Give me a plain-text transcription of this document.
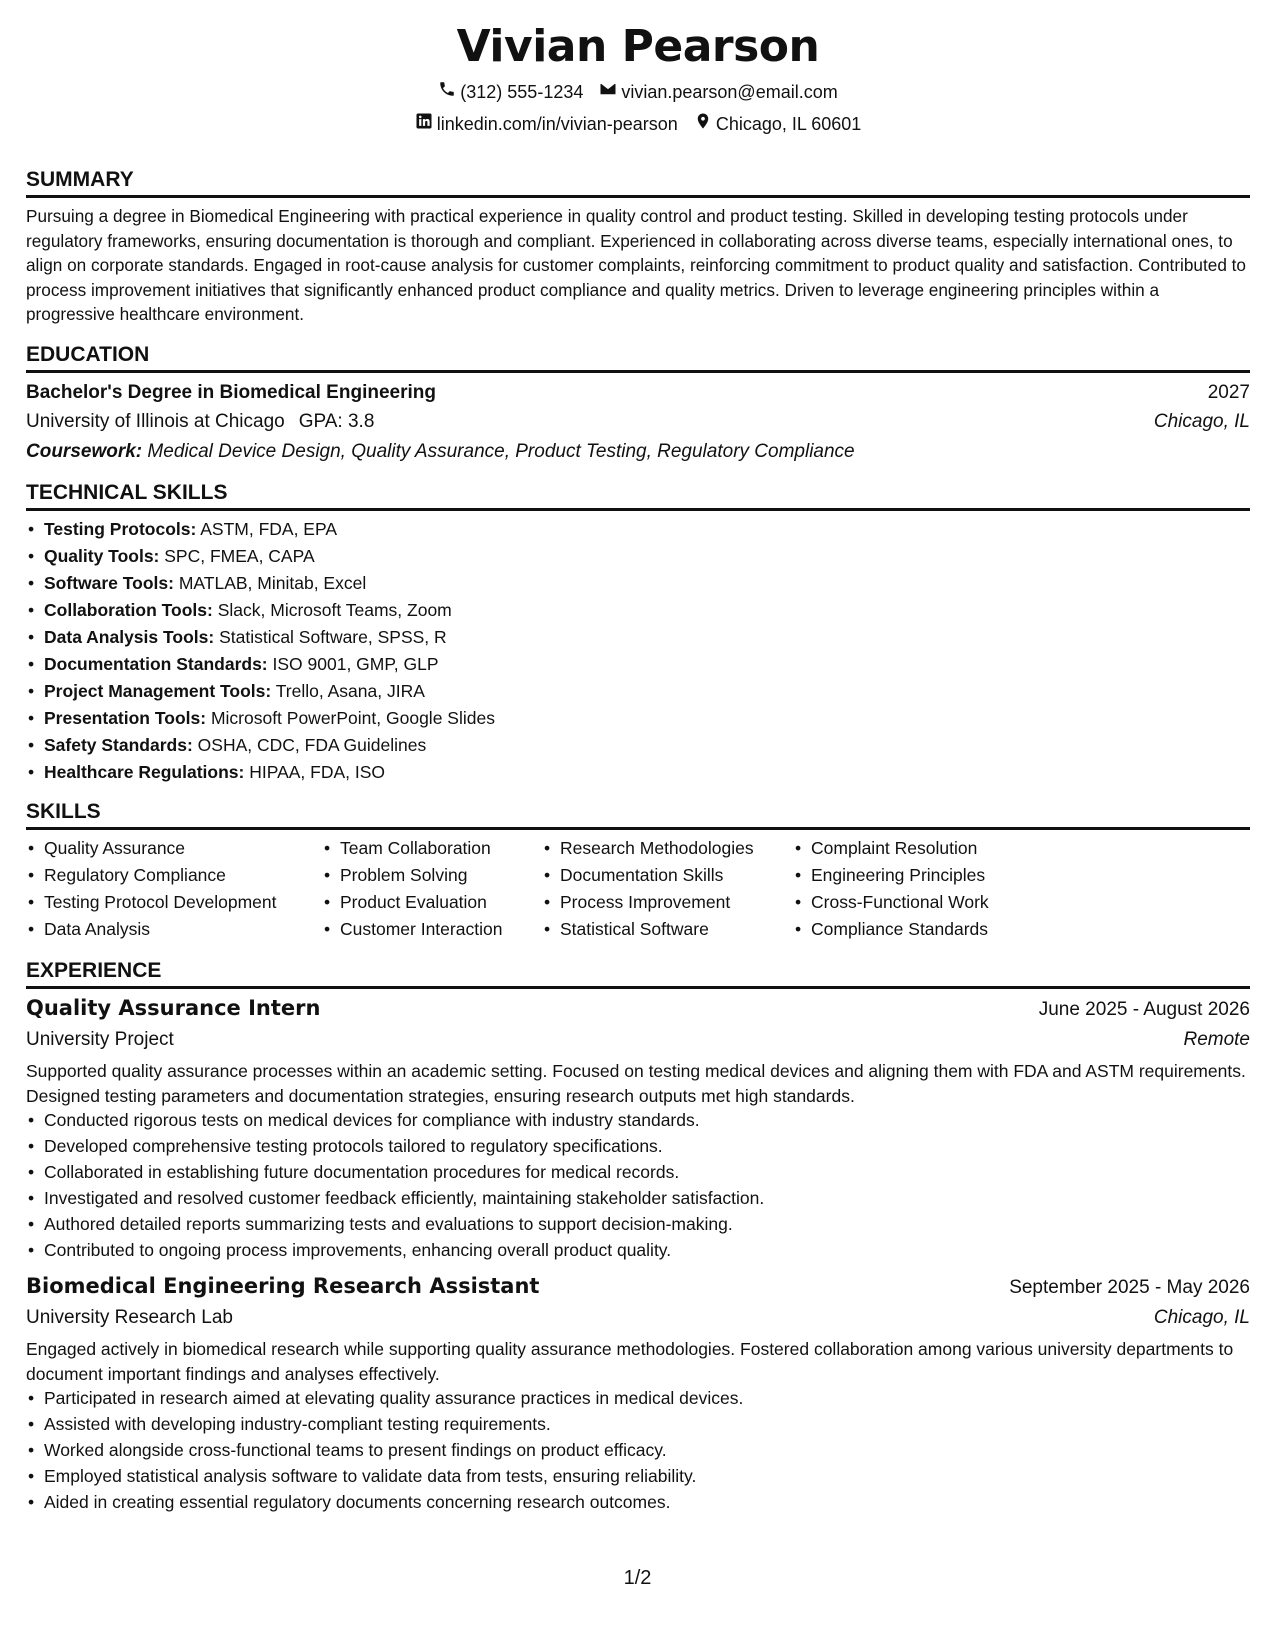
Vivian Pearson
(312) 555-1234 vivian.pearson@email.com
linkedin.com/in/vivian-pearson Chicago, IL 60601
SUMMARY
Pursuing a degree in Biomedical Engineering with practical experience in quality control and product testing. Skilled in developing testing protocols under regulatory frameworks, ensuring documentation is thorough and compliant. Experienced in collaborating across diverse teams, especially international ones, to align on corporate standards. Engaged in root-cause analysis for customer complaints, reinforcing commitment to product quality and satisfaction. Contributed to process improvement initiatives that significantly enhanced product compliance and quality metrics. Driven to leverage engineering principles within a progressive healthcare environment.
EDUCATION
Bachelor's Degree in Biomedical Engineering	2027
University of Illinois at Chicago GPA: 3.8	Chicago, IL
Coursework: Medical Device Design, Quality Assurance, Product Testing, Regulatory Compliance
TECHNICAL SKILLS
• Testing Protocols: ASTM, FDA, EPA
• Quality Tools: SPC, FMEA, CAPA
• Software Tools: MATLAB, Minitab, Excel
• Collaboration Tools: Slack, Microsoft Teams, Zoom
• Data Analysis Tools: Statistical Software, SPSS, R
• Documentation Standards: ISO 9001, GMP, GLP
• Project Management Tools: Trello, Asana, JIRA
• Presentation Tools: Microsoft PowerPoint, Google Slides
• Safety Standards: OSHA, CDC, FDA Guidelines
• Healthcare Regulations: HIPAA, FDA, ISO
SKILLS
• Quality Assurance
• Regulatory Compliance
• Testing Protocol Development
• Data Analysis
• Team Collaboration
• Problem Solving
• Product Evaluation
• Customer Interaction
• Research Methodologies
• Documentation Skills
• Process Improvement
• Statistical Software
• Complaint Resolution
• Engineering Principles
• Cross-Functional Work
• Compliance Standards
EXPERIENCE
Quality Assurance Intern	June 2025 - August 2026
University Project	Remote
Supported quality assurance processes within an academic setting. Focused on testing medical devices and aligning them with FDA and ASTM requirements. Designed testing parameters and documentation strategies, ensuring research outputs met high standards.
• Conducted rigorous tests on medical devices for compliance with industry standards.
• Developed comprehensive testing protocols tailored to regulatory specifications.
• Collaborated in establishing future documentation procedures for medical records.
• Investigated and resolved customer feedback efficiently, maintaining stakeholder satisfaction.
• Authored detailed reports summarizing tests and evaluations to support decision-making.
• Contributed to ongoing process improvements, enhancing overall product quality.
Biomedical Engineering Research Assistant	September 2025 - May 2026
University Research Lab	Chicago, IL
Engaged actively in biomedical research while supporting quality assurance methodologies. Fostered collaboration among various university departments to document important findings and analyses effectively.
• Participated in research aimed at elevating quality assurance practices in medical devices.
• Assisted with developing industry-compliant testing requirements.
• Worked alongside cross-functional teams to present findings on product efficacy.
• Employed statistical analysis software to validate data from tests, ensuring reliability.
• Aided in creating essential regulatory documents concerning research outcomes.
1/2
